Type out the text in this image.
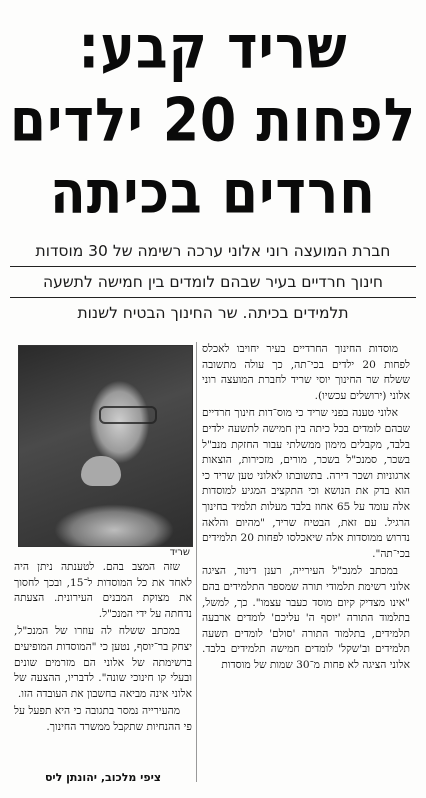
שריד קבע:
לפחות 20 ילדים
חרדים בכיתה
חברת המועצה רוני אלוני ערכה רשימה של 30 מוסדות
חינוך חרדיים בעיר שבהם לומדים בין חמישה לתשעה
תלמידים בכיתה. שר החינוך הבטיח לשנות
שריד

מוסדות החינוך החרדיים בעיר יחויבו לאכלס לפחות 20 ילדים בכי־תה, כך עולה מתשובה ששלח שר החינוך יוסי שריד לחברת המועצה רוני אלוני (ירושלים עכשיו).

אלוני טענה בפני שריד כי מוס־דות חינוך חרדיים שבהם לומדים בכל כיתה בין חמישה לתשעה ילדים בלבד, מקבלים מימון ממשלתי עבור החזקת מנב"ל בשכר, סמנכ"ל בשכר, מורים, מזכירות, הוצאות ארגוניות ושכר דירה. בתשובתו לאלוני טען שריד כי הוא בדק את הנושא וכי התקציב המגיע למוסדות אלה עומד על 65 אחוז בלבד מעלות תלמיד בחינוך הרגיל. עם זאת, הבטיח שריד, "מהיום והלאה נדרוש ממוסדות אלה שיאכלסו לפחות 20 תלמידים בכי־תה".

במכתב למנכ"ל העירייה, רענן דינור, הציגה אלוני רשימת תלמודי תורה שמספר התלמידים בהם "אינו מצדיק קיום מוסד כעבר עצמו". כך, למשל, בתלמוד התורה 'יוסף ה' עליכם' לומדים ארבעה תלמידים, בתלמוד התורה 'סולם' לומדים תשעה תלמידים וב'שקל' לומדים חמישה תלמידים בלבד. אלוני הציגה לא פחות מ־30 שמות של מוסדות

שזה המצב בהם. לטענתה ניתן היה לאחד את כל המוסדות ל־15, ובכך לחסוך את מצוקת המבנים העירונית. הצעתה נדחתה על ידי המנכ"ל.

במכתב ששלח לה עוזרו של המנכ"ל, יצחק בר־יוסף, נטען כי "המוסדות המופיעים ברשימתה של אלוני הם מזרמים שונים ובעלי קו חינוכי שונה". לדבריו, ההצעה של אלוני אינה מביאה בחשבון את העובדה הזו.

מהעירייה נמסר בתגובה כי היא תפעל על פי ההנחיות שתקבל ממשרד החינוך.

ציפי מלכוב, יהונתן ליס
